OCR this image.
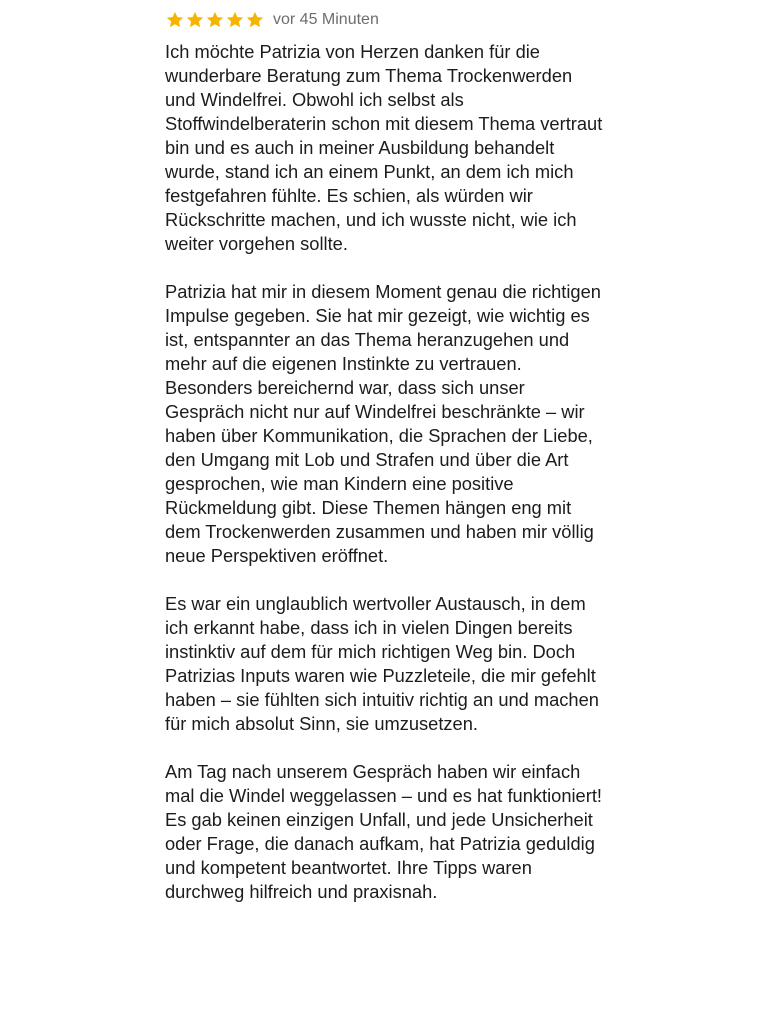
vor 45 Minuten

Ich möchte Patrizia von Herzen danken für die wunderbare Beratung zum Thema Trockenwerden und Windelfrei. Obwohl ich selbst als Stoffwindelberaterin schon mit diesem Thema vertraut bin und es auch in meiner Ausbildung behandelt wurde, stand ich an einem Punkt, an dem ich mich festgefahren fühlte. Es schien, als würden wir Rückschritte machen, und ich wusste nicht, wie ich weiter vorgehen sollte.

Patrizia hat mir in diesem Moment genau die richtigen Impulse gegeben. Sie hat mir gezeigt, wie wichtig es ist, entspannter an das Thema heranzugehen und mehr auf die eigenen Instinkte zu vertrauen. Besonders bereichernd war, dass sich unser Gespräch nicht nur auf Windelfrei beschränkte – wir haben über Kommunikation, die Sprachen der Liebe, den Umgang mit Lob und Strafen und über die Art gesprochen, wie man Kindern eine positive Rückmeldung gibt. Diese Themen hängen eng mit dem Trockenwerden zusammen und haben mir völlig neue Perspektiven eröffnet.

Es war ein unglaublich wertvoller Austausch, in dem ich erkannt habe, dass ich in vielen Dingen bereits instinktiv auf dem für mich richtigen Weg bin. Doch Patrizias Inputs waren wie Puzzleteile, die mir gefehlt haben – sie fühlten sich intuitiv richtig an und machen für mich absolut Sinn, sie umzusetzen.

Am Tag nach unserem Gespräch haben wir einfach mal die Windel weggelassen – und es hat funktioniert! Es gab keinen einzigen Unfall, und jede Unsicherheit oder Frage, die danach aufkam, hat Patrizia geduldig und kompetent beantwortet. Ihre Tipps waren durchweg hilfreich und praxisnah.
